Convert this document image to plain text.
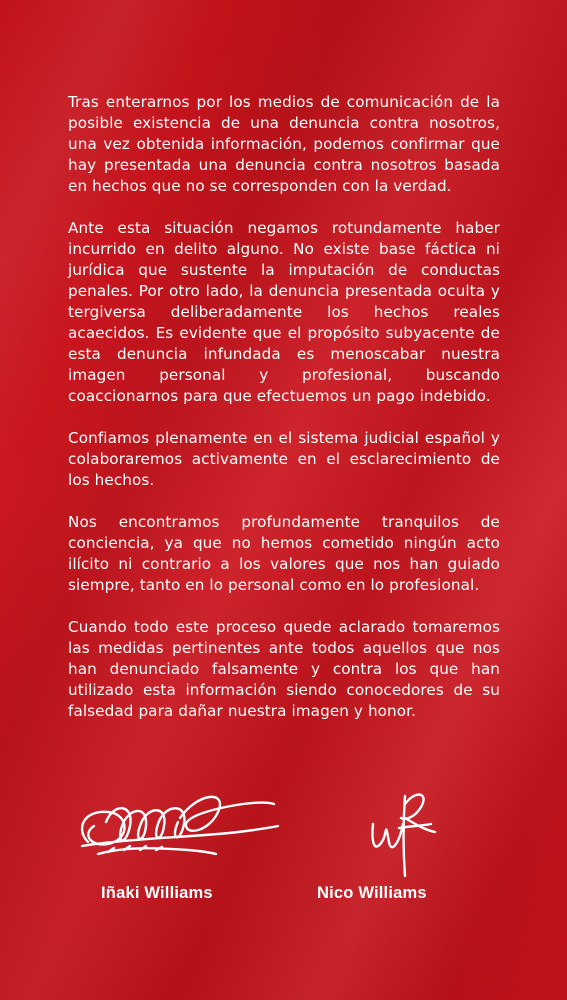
Tras enterarnos por los medios de comunicación de la posible existencia de una denuncia contra nosotros, una vez obtenida información, podemos confirmar que hay presentada una denuncia contra nosotros basada en hechos que no se corresponden con la verdad.

Ante esta situación negamos rotundamente haber incurrido en delito alguno. No existe base fáctica ni jurídica que sustente la imputación de conductas penales. Por otro lado, la denuncia presentada oculta y tergiversa deliberadamente los hechos reales acaecidos. Es evidente que el propósito subyacente de esta denuncia infundada es menoscabar nuestra imagen personal y profesional, buscando coaccionarnos para que efectuemos un pago indebido.

Confiamos plenamente en el sistema judicial español y colaboraremos activamente en el esclarecimiento de los hechos.

Nos encontramos profundamente tranquilos de conciencia, ya que no hemos cometido ningún acto ilícito ni contrario a los valores que nos han guiado siempre, tanto en lo personal como en lo profesional.

Cuando todo este proceso quede aclarado tomaremos las medidas pertinentes ante todos aquellos que nos han denunciado falsamente y contra los que han utilizado esta información siendo conocedores de su falsedad para dañar nuestra imagen y honor.

Iñaki Williams	Nico Williams
